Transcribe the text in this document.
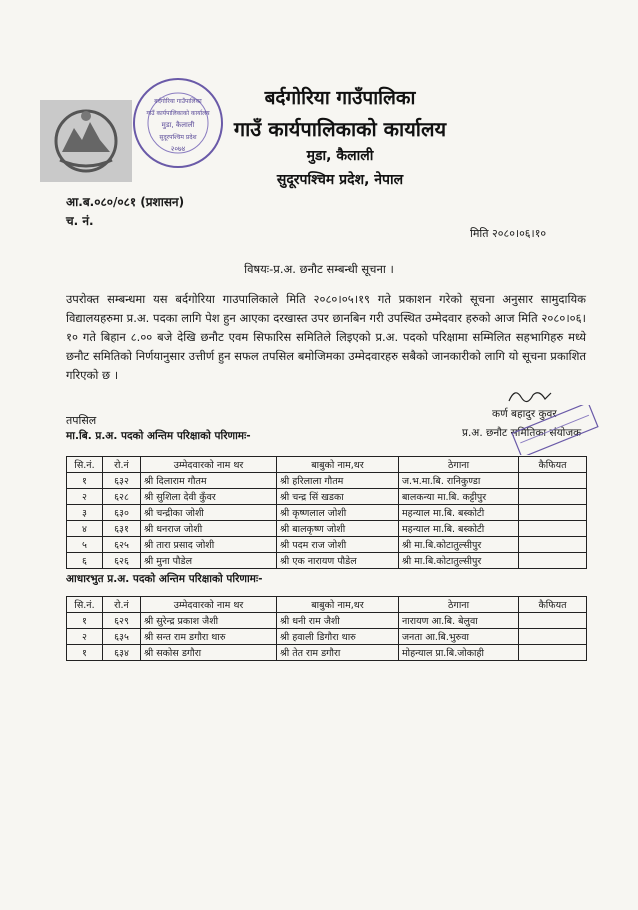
बर्दगोरिया गाउँपालिका
गाउँ कार्यपालिकाको कार्यालय
मुडा, कैलाली
सुदूरपश्चिम प्रदेश
२०७४
बर्दगोरिया गाउँपालिका
गाउँ कार्यपालिकाको कार्यालय
मुडा, कैलाली
सुदूरपश्चिम प्रदेश, नेपाल
आ.ब.०८०/०८१ (प्रशासन)
च. नं.
मिति २०८०।०६।१०
विषयः-प्र.अ. छनौट सम्बन्धी सूचना ।
उपरोक्त सम्बन्धमा यस बर्दगोरिया गाउपालिकाले मिति २०८०।०५।१९ गते प्रकाशन गरेको सूचना अनुसार सामुदायिक विद्यालयहरुमा प्र.अ. पदका लागि पेश हुन आएका दरखास्त उपर छानबिन गरी उपस्थित उम्मेदवार हरुको आज मिति २०८०।०६।१० गते बिहान ८.०० बजे देखि छनौट एवम सिफारिस समितिले लिइएको प्र.अ. पदको परिक्षामा सम्मिलित सहभागिहरु मध्ये छनौट समितिको निर्णयानुसार उत्तीर्ण हुन सफल तपसिल बमोजिमका उम्मेदवारहरु सबैको जानकारीको लागि यो सूचना प्रकाशित गरिएको छ ।
कर्ण बहादुर कुवर
प्र.अ. छनौट समितिका संयोजक
तपसिल
मा.बि. प्र.अ. पदको अन्तिम परिक्षाको परिणामः-
सि.नं.	रो.नं	उम्मेदवारको नाम थर	बाबुको नाम,थर	ठेगाना	कैफियत
१	६३२	श्री दिलाराम गौतम	श्री हरिलाला गौतम	ज.भ.मा.बि. रानिकुण्डा	
२	६२८	श्री सुशिला देवी कुँवर	श्री चन्द्र सिं खडका	बालकन्या मा.बि. कट्टीपुर	
३	६३०	श्री चन्द्रीका जोशी	श्री कृष्णलाल जोशी	महन्याल मा.बि. बस्कोटी	
४	६३१	श्री धनराज जोशी	श्री बालकृष्ण जोशी	महन्याल मा.बि. बस्कोटी	
५	६२५	श्री तारा प्रसाद जोशी	श्री पदम राज जोशी	श्री मा.बि.कोटातुल्सीपुर	
६	६२६	श्री मुना पौडेल	श्री एक नारायण पौडेल	श्री मा.बि.कोटातुल्सीपुर	
आधारभुत प्र.अ. पदको अन्तिम परिक्षाको परिणामः-
सि.नं.	रो.नं	उम्मेदवारको नाम थर	बाबुको नाम,थर	ठेगाना	कैफियत
१	६२९	श्री सुरेन्द्र प्रकाश जैशी	श्री धनी राम जैशी	नारायण आ.बि. बेलुवा	
२	६३५	श्री सन्त राम डगौरा थारु	श्री हवाली डिगौरा थारु	जनता आ.बि.भुरुवा	
१	६३४	श्री सकोस डगौरा	श्री तेत राम डगौरा	मोहन्याल प्रा.बि.जोकाही	
